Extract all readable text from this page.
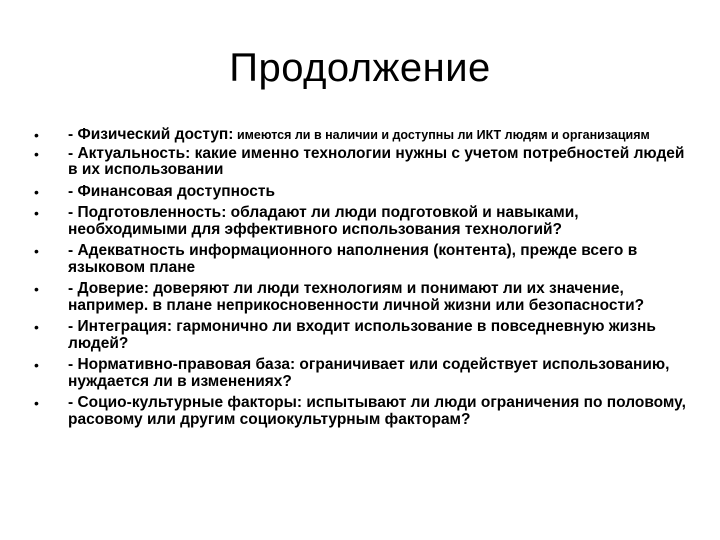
Продолжение
•	- Физический доступ: имеются ли в наличии и доступны ли ИКТ людям и организациям
•	- Актуальность: какие именно технологии нужны с учетом потребностей людей в их использовании
•	- Финансовая доступность
•	- Подготовленность: обладают ли люди подготовкой и навыками, необходимыми для эффективного использования технологий?
•	- Адекватность информационного наполнения (контента), прежде всего в языковом плане
•	- Доверие: доверяют ли люди технологиям и понимают ли их значение, например. в плане неприкосновенности личной жизни или безопасности?
•	- Интеграция: гармонично ли входит использование в повседневную жизнь людей?
•	- Нормативно-правовая база: ограничивает или содействует использованию, нуждается ли в изменениях?
•	- Социо-культурные факторы: испытывают ли люди ограничения по половому, расовому или другим социокультурным факторам?
